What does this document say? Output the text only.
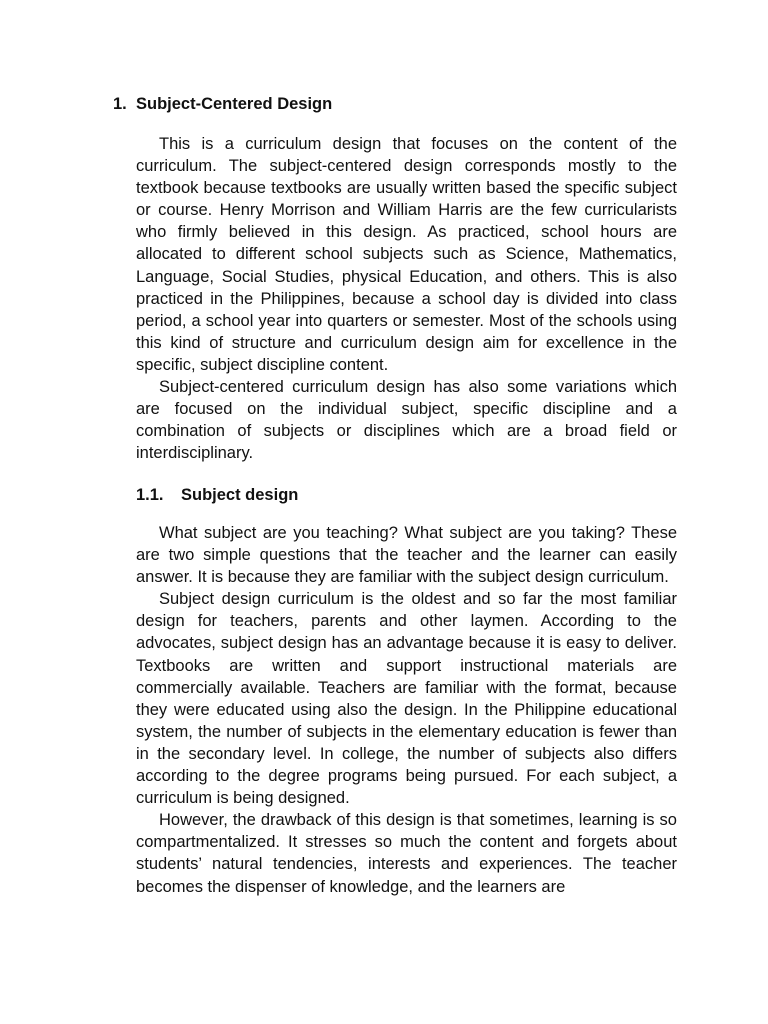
1. Subject-Centered Design

This is a curriculum design that focuses on the content of the curriculum. The subject-centered design corresponds mostly to the textbook because textbooks are usually written based the specific subject or course. Henry Morrison and William Harris are the few curricularists who firmly believed in this design. As practiced, school hours are allocated to different school subjects such as Science, Mathematics, Language, Social Studies, physical Education, and others. This is also practiced in the Philippines, because a school day is divided into class period, a school year into quarters or semester. Most of the schools using this kind of structure and curriculum design aim for excellence in the specific, subject discipline content.

Subject-centered curriculum design has also some variations which are focused on the individual subject, specific discipline and a combination of subjects or disciplines which are a broad field or interdisciplinary.

1.1. Subject design

What subject are you teaching? What subject are you taking? These are two simple questions that the teacher and the learner can easily answer. It is because they are familiar with the subject design curriculum.

Subject design curriculum is the oldest and so far the most familiar design for teachers, parents and other laymen. According to the advocates, subject design has an advantage because it is easy to deliver. Textbooks are written and support instructional materials are commercially available. Teachers are familiar with the format, because they were educated using also the design. In the Philippine educational system, the number of subjects in the elementary education is fewer than in the secondary level. In college, the number of subjects also differs according to the degree programs being pursued. For each subject, a curriculum is being designed.

However, the drawback of this design is that sometimes, learning is so compartmentalized. It stresses so much the content and forgets about students’ natural tendencies, interests and experiences. The teacher becomes the dispenser of knowledge, and the learners are
